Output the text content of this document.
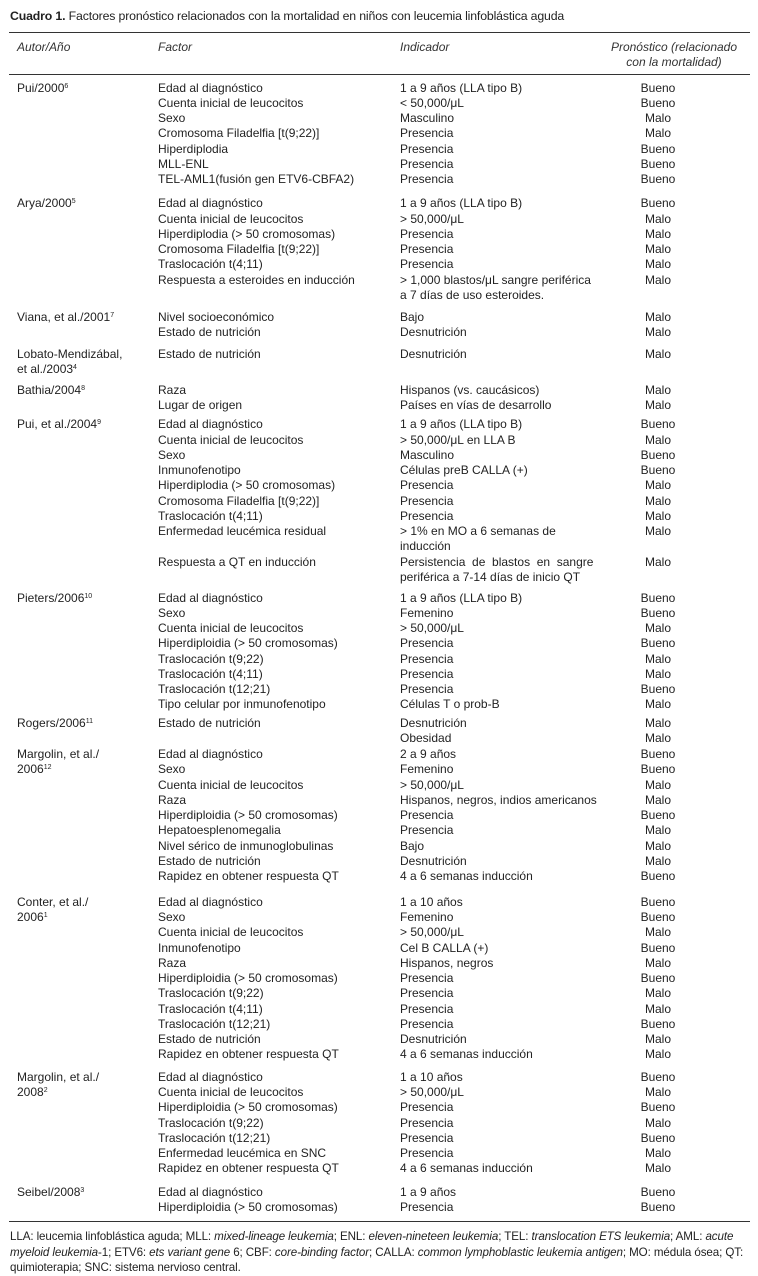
Cuadro 1. Factores pronóstico relacionados con la mortalidad en niños con leucemia linfoblástica aguda
Autor/Año	Factor	Indicador	Pronóstico (relacionado
con la mortalidad)
Pui/2000$^6$	Edad al diagnóstico	1 a 9 años (LLA tipo B)	Bueno
Cuenta inicial de leucocitos	< 50,000/μL	Bueno
Sexo	Masculino	Malo
Cromosoma Filadelfia [t(9;22)]	Presencia	Malo
Hiperdiplodia	Presencia	Bueno
MLL-ENL	Presencia	Bueno
TEL-AML1(fusión gen ETV6-CBFA2)	Presencia	Bueno
Arya/2000$^5$	Edad al diagnóstico	1 a 9 años (LLA tipo B)	Bueno
Cuenta inicial de leucocitos	> 50,000/μL	Malo
Hiperdiplodia (> 50 cromosomas)	Presencia	Malo
Cromosoma Filadelfia [t(9;22)]	Presencia	Malo
Traslocación t(4;11)	Presencia	Malo
Respuesta a esteroides en inducción	> 1,000 blastos/μL sangre periférica	Malo
a 7 días de uso esteroides.
Viana, et al./2001$^7$	Nivel socioeconómico	Bajo	Malo
Estado de nutrición	Desnutrición	Malo
Lobato-Mendizábal,	Estado de nutrición	Desnutrición	Malo
et al./2003$^4$
Bathia/2004$^8$	Raza	Hispanos (vs. caucásicos)	Malo
Lugar de origen	Países en vías de desarrollo	Malo
Pui, et al./2004$^9$	Edad al diagnóstico	1 a 9 años (LLA tipo B)	Bueno
Cuenta inicial de leucocitos	> 50,000/μL en LLA B	Malo
Sexo	Masculino	Bueno
Inmunofenotipo	Células preB CALLA (+)	Bueno
Hiperdiplodia (> 50 cromosomas)	Presencia	Malo
Cromosoma Filadelfia [t(9;22)]	Presencia	Malo
Traslocación t(4;11)	Presencia	Malo
Enfermedad leucémica residual	> 1% en MO a 6 semanas de	Malo
inducción
Respuesta a QT en inducción	Persistencia  de  blastos  en  sangre	Malo
periférica a 7-14 días de inicio QT
Pieters/2006$^{10}$	Edad al diagnóstico	1 a 9 años (LLA tipo B)	Bueno
Sexo	Femenino	Bueno
Cuenta inicial de leucocitos	> 50,000/μL	Malo
Hiperdiploidia (> 50 cromosomas)	Presencia	Bueno
Traslocación t(9;22)	Presencia	Malo
Traslocación t(4;11)	Presencia	Malo
Traslocación t(12;21)	Presencia	Bueno
Tipo celular por inmunofenotipo	Células T o prob-B	Malo
Rogers/2006$^{11}$	Estado de nutrición	Desnutrición	Malo
Obesidad	Malo
Margolin, et al./	Edad al diagnóstico	2 a 9 años	Bueno
2006$^{12}$	Sexo	Femenino	Bueno
Cuenta inicial de leucocitos	> 50,000/μL	Malo
Raza	Hispanos, negros, indios americanos	Malo
Hiperdiploidia (> 50 cromosomas)	Presencia	Bueno
Hepatoesplenomegalia	Presencia	Malo
Nivel sérico de inmunoglobulinas	Bajo	Malo
Estado de nutrición	Desnutrición	Malo
Rapidez en obtener respuesta QT	4 a 6 semanas inducción	Bueno
Conter, et al./	Edad al diagnóstico	1 a 10 años	Bueno
2006$^1$	Sexo	Femenino	Bueno
Cuenta inicial de leucocitos	> 50,000/μL	Malo
Inmunofenotipo	Cel B CALLA (+)	Bueno
Raza	Hispanos, negros	Malo
Hiperdiploidia (> 50 cromosomas)	Presencia	Bueno
Traslocación t(9;22)	Presencia	Malo
Traslocación t(4;11)	Presencia	Malo
Traslocación t(12;21)	Presencia	Bueno
Estado de nutrición	Desnutrición	Malo
Rapidez en obtener respuesta QT	4 a 6 semanas inducción	Malo
Margolin, et al./	Edad al diagnóstico	1 a 10 años	Bueno
2008$^2$	Cuenta inicial de leucocitos	> 50,000/μL	Malo
Hiperdiploidia (> 50 cromosomas)	Presencia	Bueno
Traslocación t(9;22)	Presencia	Malo
Traslocación t(12;21)	Presencia	Bueno
Enfermedad leucémica en SNC	Presencia	Malo
Rapidez en obtener respuesta QT	4 a 6 semanas inducción	Malo
Seibel/2008$^3$	Edad al diagnóstico	1 a 9 años	Bueno
Hiperdiploidia (> 50 cromosomas)	Presencia	Bueno
LLA: leucemia linfoblástica aguda; MLL: mixed-lineage leukemia; ENL: eleven-nineteen leukemia; TEL: translocation ETS leukemia; AML: acute myeloid leukemia-1; ETV6: ets variant gene 6; CBF: core-binding factor; CALLA: common lymphoblastic leukemia antigen; MO: médula ósea; QT: quimioterapia; SNC: sistema nervioso central.
